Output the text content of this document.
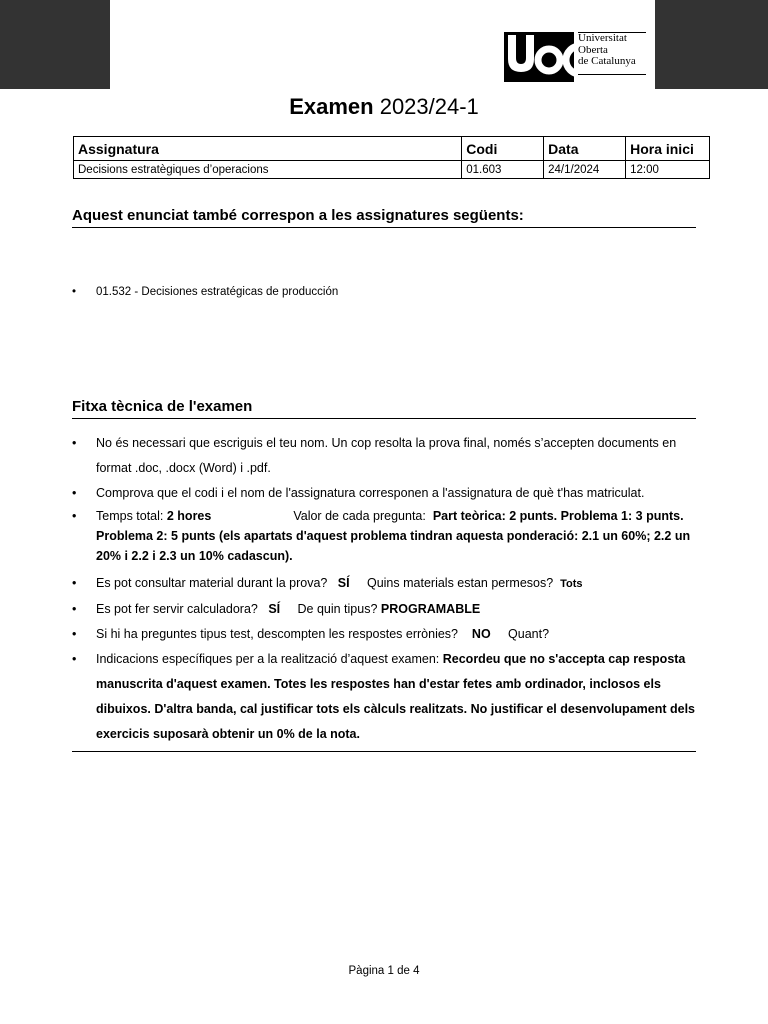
Universitat
Oberta
de Catalunya
Examen 2023/24-1
Assignatura	Codi	Data	Hora inici
Decisions estratègiques d’operacions	01.603	24/1/2024	12:00
Aquest enunciat també correspon a les assignatures següents:
• 01.532 - Decisiones estratégicas de producción
Fitxa tècnica de l'examen
• No és necessari que escriguis el teu nom. Un cop resolta la prova final, només s’accepten documents en format .doc, .docx (Word) i .pdf.
• Comprova que el codi i el nom de l'assignatura corresponen a l'assignatura de què t'has matriculat.
• Temps total: 2 hores	Valor de cada pregunta: Part teòrica: 2 punts. Problema 1: 3 punts. Problema 2: 5 punts (els apartats d'aquest problema tindran aquesta ponderació: 2.1 un 60%; 2.2 un 20% i 2.2 i 2.3 un 10% cadascun).
• Es pot consultar material durant la prova? SÍ Quins materials estan permesos? Tots
• Es pot fer servir calculadora? SÍ De quin tipus? PROGRAMABLE
• Si hi ha preguntes tipus test, descompten les respostes errònies? NO Quant?
• Indicacions específiques per a la realització d’aquest examen: Recordeu que no s'accepta cap resposta manuscrita d'aquest examen. Totes les respostes han d'estar fetes amb ordinador, inclosos els dibuixos. D'altra banda, cal justificar tots els càlculs realitzats. No justificar el desenvolupament dels exercicis suposarà obtenir un 0% de la nota.
Pàgina 1 de 4
